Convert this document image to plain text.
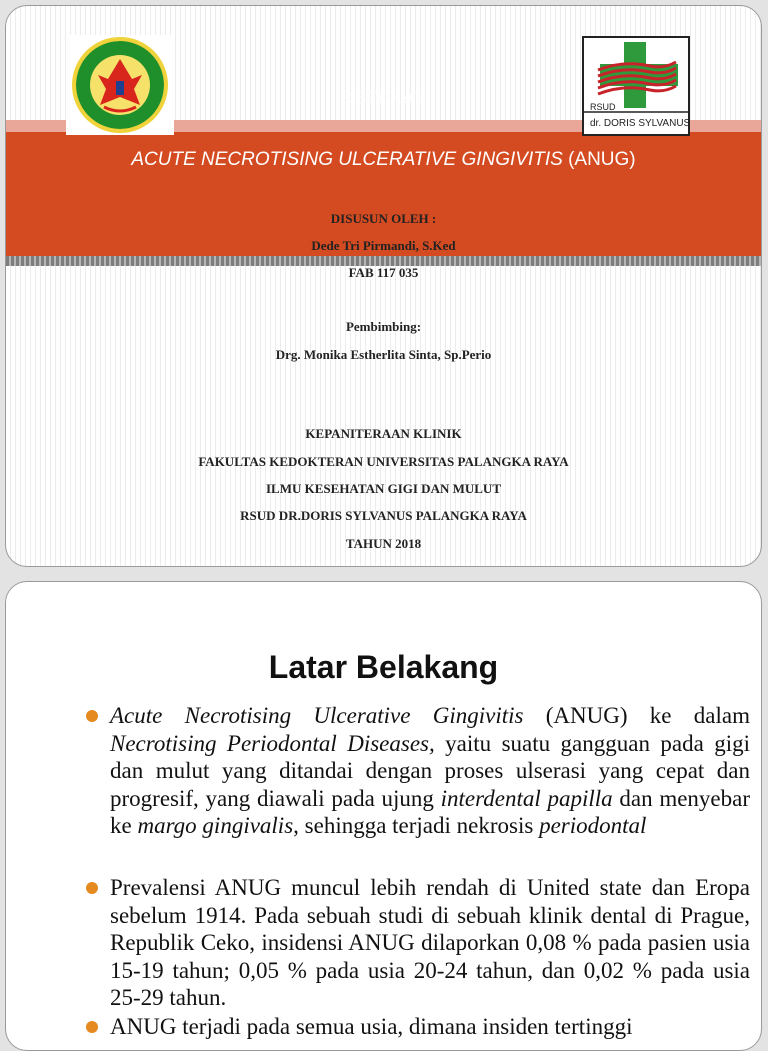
REFERAT	RSUD
dr. DORIS SYLVANUS
ACUTE NECROTISING ULCERATIVE GINGIVITIS (ANUG)
DISUSUN OLEH :
Dede Tri Pirmandi, S.Ked
FAB 117 035
Pembimbing:
Drg. Monika Estherlita Sinta, Sp.Perio
KEPANITERAAN KLINIK
FAKULTAS KEDOKTERAN UNIVERSITAS PALANGKA RAYA
ILMU KESEHATAN GIGI DAN MULUT
RSUD DR.DORIS SYLVANUS PALANGKA RAYA
TAHUN 2018
Latar Belakang
Acute Necrotising Ulcerative Gingivitis (ANUG) ke dalam Necrotising Periodontal Diseases, yaitu suatu gangguan pada gigi dan mulut yang ditandai dengan proses ulserasi yang cepat dan progresif, yang diawali pada ujung interdental papilla dan menyebar ke margo gingivalis, sehingga terjadi nekrosis periodontal
Prevalensi ANUG muncul lebih rendah di United state dan Eropa sebelum 1914. Pada sebuah studi di sebuah klinik dental di Prague, Republik Ceko, insidensi ANUG dilaporkan 0,08 % pada pasien usia 15-19 tahun; 0,05 % pada usia 20-24 tahun, dan 0,02 % pada usia 25-29 tahun.
ANUG terjadi pada semua usia, dimana insiden tertinggi
